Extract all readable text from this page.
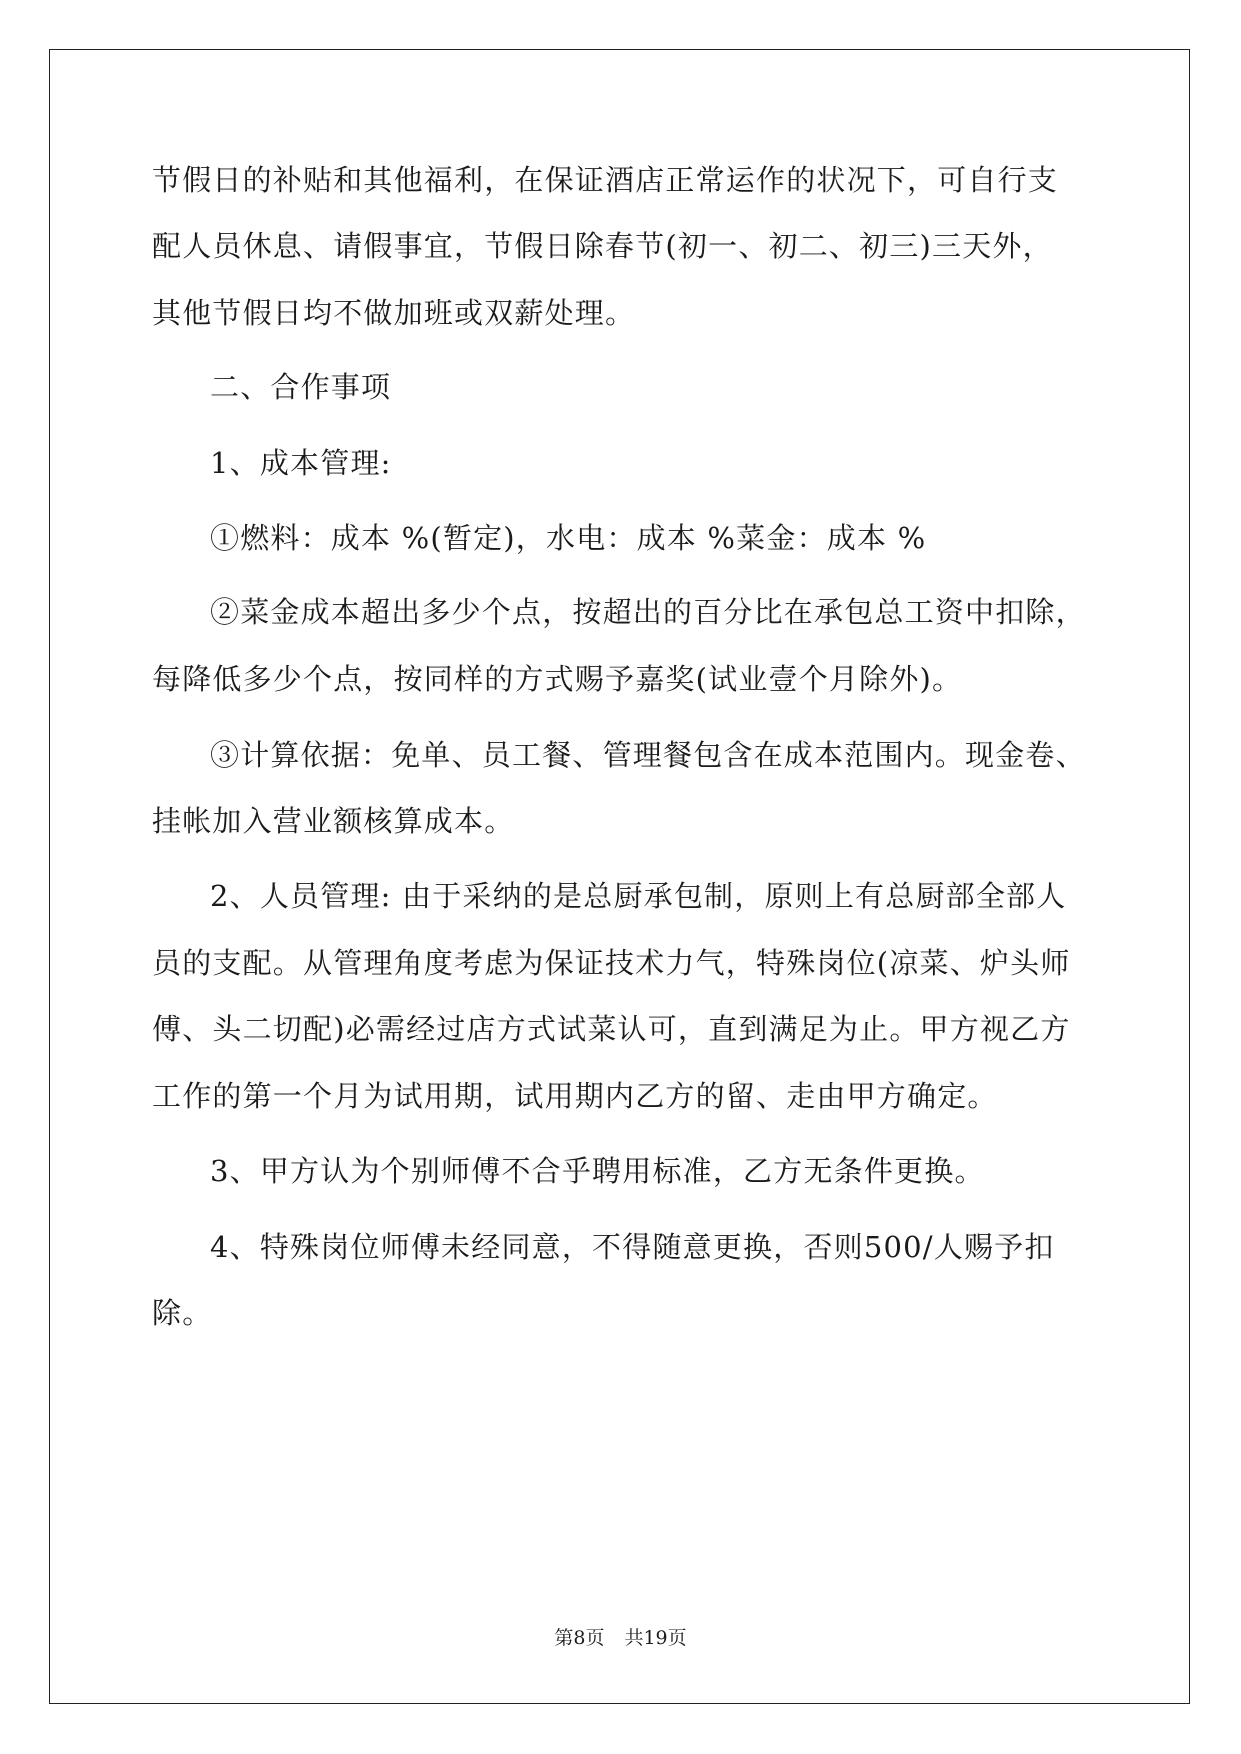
节假日的补贴和其他福利，在保证酒店正常运作的状况下，可自行支
配人员休息、请假事宜，节假日除春节(初一、初二、初三)三天外，
其他节假日均不做加班或双薪处理。
二、合作事项
1、成本管理:
①燃料：成本 %(暂定)，水电：成本 %菜金：成本 %
②菜金成本超出多少个点，按超出的百分比在承包总工资中扣除，
每降低多少个点，按同样的方式赐予嘉奖(试业壹个月除外)。
③计算依据：免单、员工餐、管理餐包含在成本范围内。现金卷、
挂帐加入营业额核算成本。
2、人员管理: 由于采纳的是总厨承包制，原则上有总厨部全部人
员的支配。从管理角度考虑为保证技术力气，特殊岗位(凉菜、炉头师
傅、头二切配)必需经过店方式试菜认可，直到满足为止。甲方视乙方
工作的第一个月为试用期，试用期内乙方的留、走由甲方确定。
3、甲方认为个别师傅不合乎聘用标准，乙方无条件更换。
4、特殊岗位师傅未经同意，不得随意更换，否则500/人赐予扣
除。
第8页 共19页
